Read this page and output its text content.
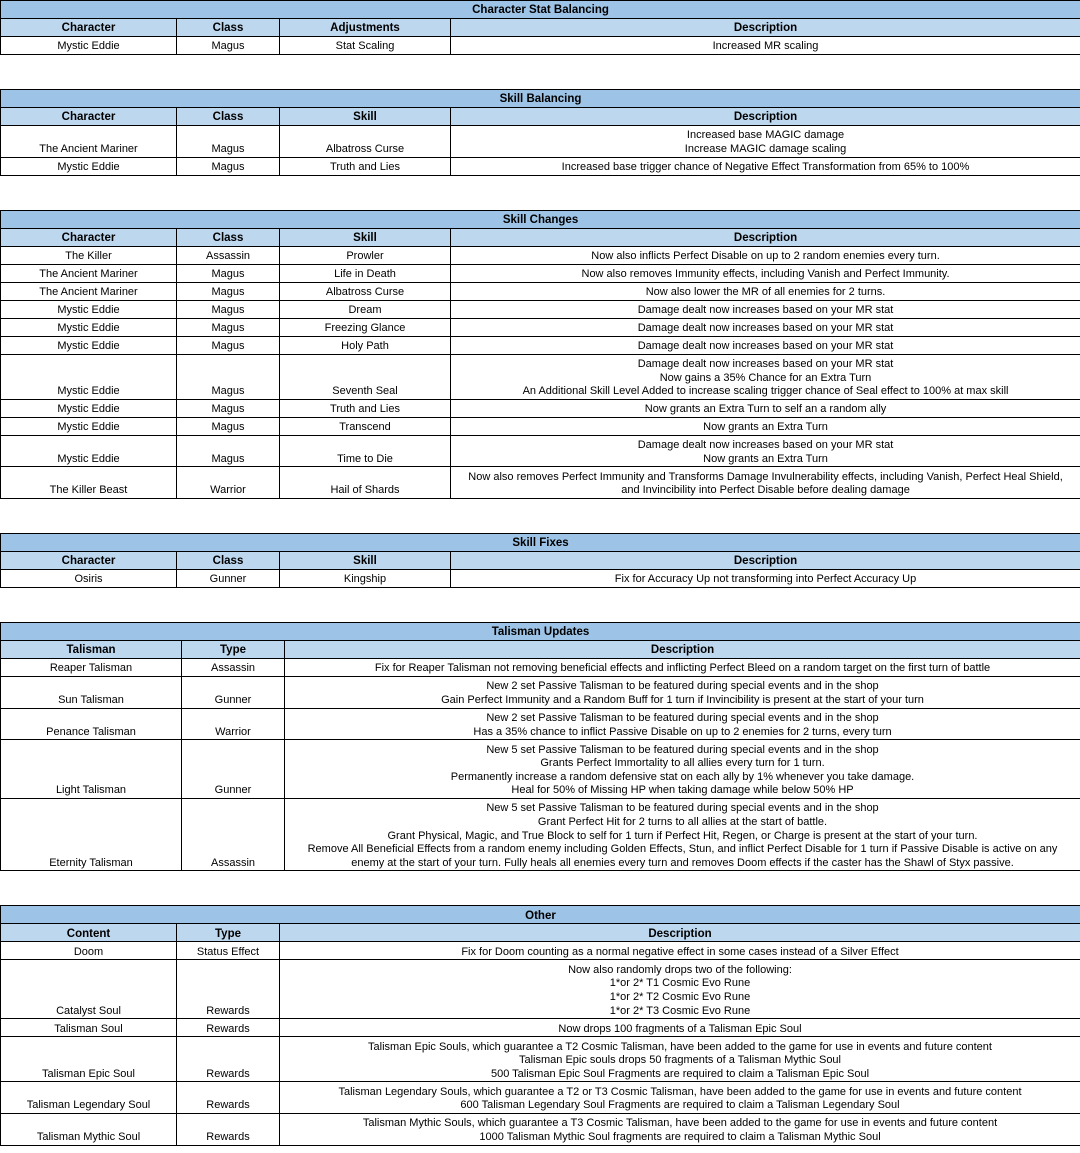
Character Stat Balancing			
Character	Class	Adjustments	Description
Mystic Eddie	Magus	Stat Scaling	Increased MR scaling
Skill Balancing			
Character	Class	Skill	Description
The Ancient Mariner	Magus	Albatross Curse	Increased base MAGIC damage
Increase MAGIC damage scaling

Mystic Eddie	Magus	Truth and Lies	Increased base trigger chance of Negative Effect Transformation from 65% to 100%
Skill Changes			
Character	Class	Skill	Description
The Killer	Assassin	Prowler	Now also inflicts Perfect Disable on up to 2 random enemies every turn.

The Ancient Mariner	Magus	Life in Death	Now also removes Immunity effects, including Vanish and Perfect Immunity.

The Ancient Mariner	Magus	Albatross Curse	Now also lower the MR of all enemies for 2 turns.

Mystic Eddie	Magus	Dream	Damage dealt now increases based on your MR stat

Mystic Eddie	Magus	Freezing Glance	Damage dealt now increases based on your MR stat

Mystic Eddie	Magus	Holy Path	Damage dealt now increases based on your MR stat

Mystic Eddie	Magus	Seventh Seal	Damage dealt now increases based on your MR stat
Now gains a 35% Chance for an Extra Turn
An Additional Skill Level Added to increase scaling trigger chance of Seal effect to 100% at max skill

Mystic Eddie	Magus	Truth and Lies	Now grants an Extra Turn to self an a random ally

Mystic Eddie	Magus	Transcend	Now grants an Extra Turn

Mystic Eddie	Magus	Time to Die	Damage dealt now increases based on your MR stat
Now grants an Extra Turn

The Killer Beast	Warrior	Hail of Shards	Now also removes Perfect Immunity and Transforms Damage Invulnerability effects, including Vanish, Perfect Heal Shield,
and Invincibility into Perfect Disable before dealing damage
Skill Fixes			
Character	Class	Skill	Description
Osiris	Gunner	Kingship	Fix for Accuracy Up not transforming into Perfect Accuracy Up
Talisman Updates		
Talisman	Type	Description
Reaper Talisman	Assassin	Fix for Reaper Talisman not removing beneficial effects and inflicting Perfect Bleed on a random target on the first turn of battle

Sun Talisman	Gunner	New 2 set Passive Talisman to be featured during special events and in the shop
Gain Perfect Immunity and a Random Buff for 1 turn if Invincibility is present at the start of your turn

Penance Talisman	Warrior	New 2 set Passive Talisman to be featured during special events and in the shop
Has a 35% chance to inflict Passive Disable on up to 2 enemies for 2 turns, every turn

Light Talisman	Gunner	New 5 set Passive Talisman to be featured during special events and in the shop
Grants Perfect Immortality to all allies every turn for 1 turn.
Permanently increase a random defensive stat on each ally by 1% whenever you take damage.
Heal for 50% of Missing HP when taking damage while below 50% HP

Eternity Talisman	Assassin	New 5 set Passive Talisman to be featured during special events and in the shop
Grant Perfect Hit for 2 turns to all allies at the start of battle.
Grant Physical, Magic, and True Block to self for 1 turn if Perfect Hit, Regen, or Charge is present at the start of your turn.
Remove All Beneficial Effects from a random enemy including Golden Effects, Stun, and inflict Perfect Disable for 1 turn if Passive Disable is active on any
enemy at the start of your turn. Fully heals all enemies every turn and removes Doom effects if the caster has the Shawl of Styx passive.
Other		
Content	Type	Description
Doom	Status Effect	Fix for Doom counting as a normal negative effect in some cases instead of a Silver Effect

Catalyst Soul	Rewards	Now also randomly drops two of the following:
1*or 2* T1 Cosmic Evo Rune
1*or 2* T2 Cosmic Evo Rune
1*or 2* T3 Cosmic Evo Rune

Talisman Soul	Rewards	Now drops 100 fragments of a Talisman Epic Soul

Talisman Epic Soul	Rewards	Talisman Epic Souls, which guarantee a T2 Cosmic Talisman, have been added to the game for use in events and future content
Talisman Epic souls drops 50 fragments of a Talisman Mythic Soul
500 Talisman Epic Soul Fragments are required to claim a Talisman Epic Soul

Talisman Legendary Soul	Rewards	Talisman Legendary Souls, which guarantee a T2 or T3 Cosmic Talisman, have been added to the game for use in events and future content
600 Talisman Legendary Soul Fragments are required to claim a Talisman Legendary Soul

Talisman Mythic Soul	Rewards	Talisman Mythic Souls, which guarantee a T3 Cosmic Talisman, have been added to the game for use in events and future content
1000 Talisman Mythic Soul fragments are required to claim a Talisman Mythic Soul
